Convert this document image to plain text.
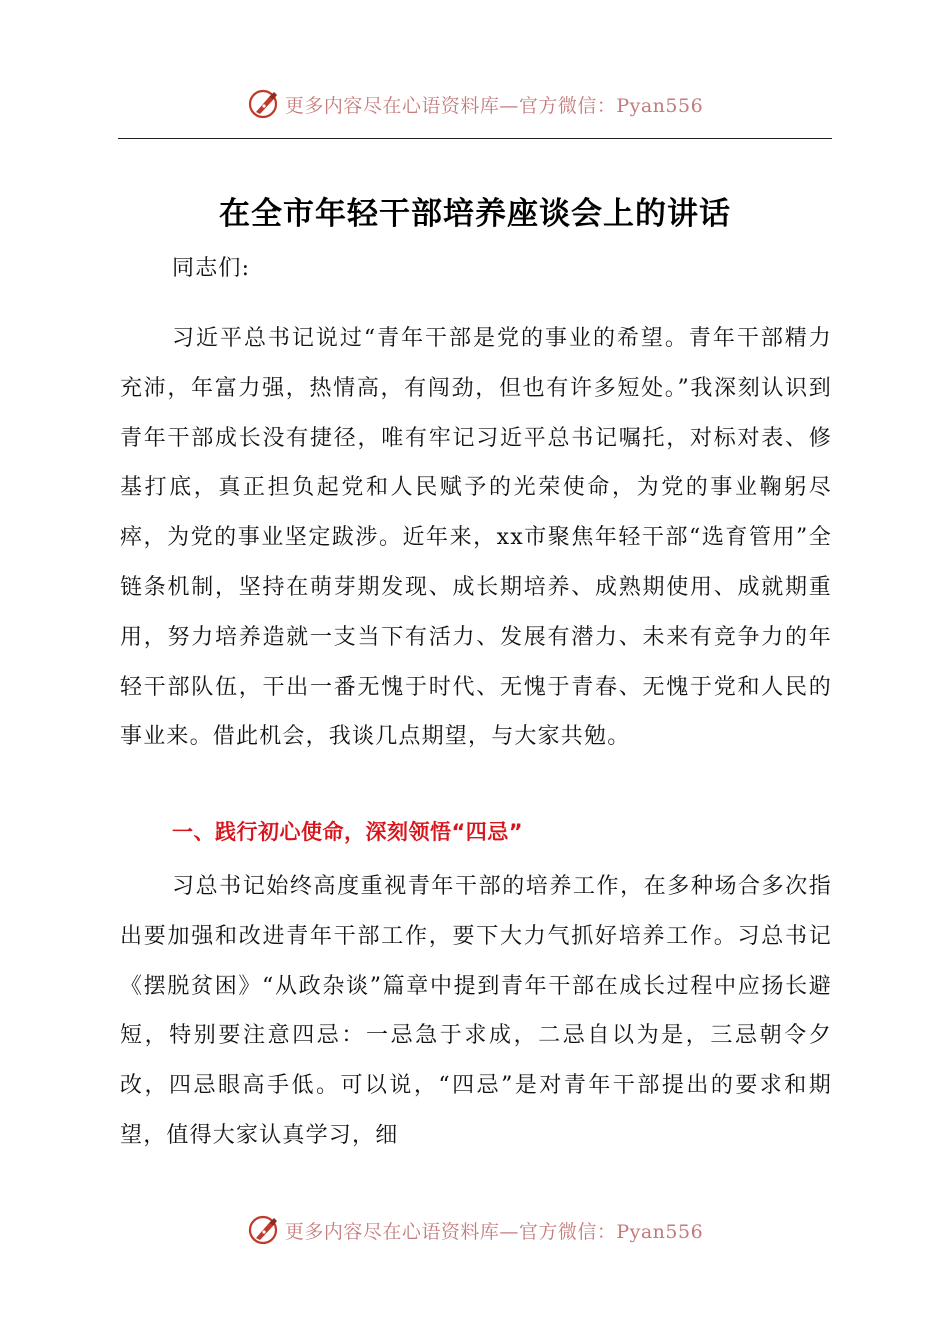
更多内容尽在心语资料库—官方微信：Pyan556
在全市年轻干部培养座谈会上的讲话
同志们:
习近平总书记说过“青年干部是党的事业的希望。青年干部精力充沛，年富力强，热情高，有闯劲，但也有许多短处。”我深刻认识到青年干部成长没有捷径，唯有牢记习近平总书记嘱托，对标对表、修基打底，真正担负起党和人民赋予的光荣使命，为党的事业鞠躬尽瘁，为党的事业坚定跋涉。近年来，xx市聚焦年轻干部“选育管用”全链条机制，坚持在萌芽期发现、成长期培养、成熟期使用、成就期重用，努力培养造就一支当下有活力、发展有潜力、未来有竞争力的年轻干部队伍，干出一番无愧于时代、无愧于青春、无愧于党和人民的事业来。借此机会，我谈几点期望，与大家共勉。
一、践行初心使命，深刻领悟“四忌”
习总书记始终高度重视青年干部的培养工作，在多种场合多次指出要加强和改进青年干部工作，要下大力气抓好培养工作。习总书记《摆脱贫困》“从政杂谈”篇章中提到青年干部在成长过程中应扬长避短，特别要注意四忌：一忌急于求成，二忌自以为是，三忌朝令夕改，四忌眼高手低。可以说，“四忌”是对青年干部提出的要求和期望，值得大家认真学习，细
更多内容尽在心语资料库—官方微信：Pyan556
